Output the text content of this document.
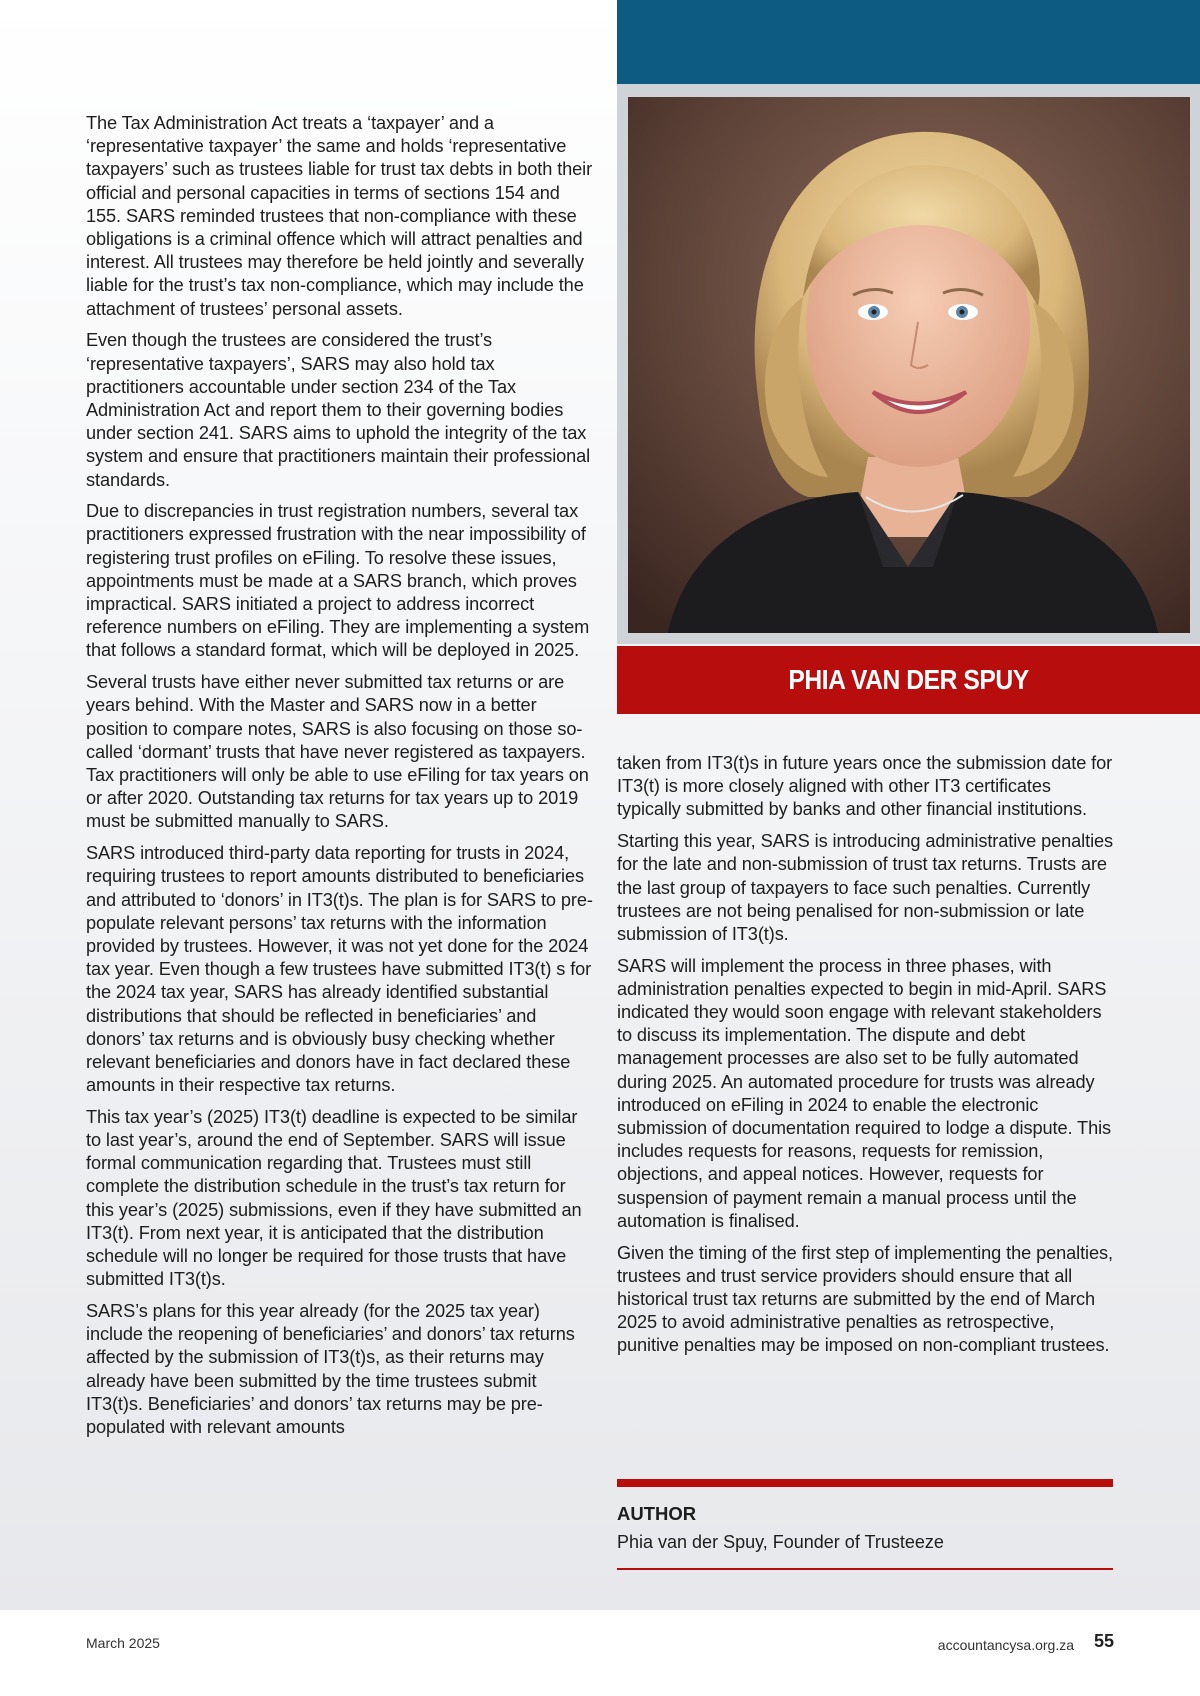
PHIA VAN DER SPUY

The Tax Administration Act treats a ‘taxpayer’ and a ‘representative taxpayer’ the same and holds ‘representative taxpayers’ such as trustees liable for trust tax debts in both their official and personal capacities in terms of sections 154 and 155. SARS reminded trustees that non-compliance with these obligations is a criminal offence which will attract penalties and interest. All trustees may therefore be held jointly and severally liable for the trust’s tax non-compliance, which may include the attachment of trustees’ personal assets.

Even though the trustees are considered the trust’s ‘representative taxpayers’, SARS may also hold tax practitioners accountable under section 234 of the Tax Administration Act and report them to their governing bodies under section 241. SARS aims to uphold the integrity of the tax system and ensure that practitioners maintain their professional standards.

Due to discrepancies in trust registration numbers, several tax practitioners expressed frustration with the near impossibility of registering trust profiles on eFiling. To resolve these issues, appointments must be made at a SARS branch, which proves impractical. SARS initiated a project to address incorrect reference numbers on eFiling. They are implementing a system that follows a standard format, which will be deployed in 2025.

Several trusts have either never submitted tax returns or are years behind. With the Master and SARS now in a better position to compare notes, SARS is also focusing on those so-called ‘dormant’ trusts that have never registered as taxpayers. Tax practitioners will only be able to use eFiling for tax years on or after 2020. Outstanding tax returns for tax years up to 2019 must be submitted manually to SARS.

SARS introduced third-party data reporting for trusts in 2024, requiring trustees to report amounts distributed to beneficiaries and attributed to ‘donors’ in IT3(t)s. The plan is for SARS to pre-populate relevant persons’ tax returns with the information provided by trustees. However, it was not yet done for the 2024 tax year. Even though a few trustees have submitted IT3(t) s for the 2024 tax year, SARS has already identified substantial distributions that should be reflected in beneficiaries’ and donors’ tax returns and is obviously busy checking whether relevant beneficiaries and donors have in fact declared these amounts in their respective tax returns.

This tax year’s (2025) IT3(t) deadline is expected to be similar to last year’s, around the end of September. SARS will issue formal communication regarding that. Trustees must still complete the distribution schedule in the trust’s tax return for this year’s (2025) submissions, even if they have submitted an IT3(t). From next year, it is anticipated that the distribution schedule will no longer be required for those trusts that have submitted IT3(t)s.

SARS’s plans for this year already (for the 2025 tax year) include the reopening of beneficiaries’ and donors’ tax returns affected by the submission of IT3(t)s, as their returns may already have been submitted by the time trustees submit IT3(t)s. Beneficiaries’ and donors’ tax returns may be pre-populated with relevant amounts

taken from IT3(t)s in future years once the submission date for IT3(t) is more closely aligned with other IT3 certificates typically submitted by banks and other financial institutions.

Starting this year, SARS is introducing administrative penalties for the late and non-submission of trust tax returns. Trusts are the last group of taxpayers to face such penalties. Currently trustees are not being penalised for non-submission or late submission of IT3(t)s.

SARS will implement the process in three phases, with administration penalties expected to begin in mid-April. SARS indicated they would soon engage with relevant stakeholders to discuss its implementation. The dispute and debt management processes are also set to be fully automated during 2025. An automated procedure for trusts was already introduced on eFiling in 2024 to enable the electronic submission of documentation required to lodge a dispute. This includes requests for reasons, requests for remission, objections, and appeal notices. However, requests for suspension of payment remain a manual process until the automation is finalised.

Given the timing of the first step of implementing the penalties, trustees and trust service providers should ensure that all historical trust tax returns are submitted by the end of March 2025 to avoid administrative penalties as retrospective, punitive penalties may be imposed on non-compliant trustees.

AUTHOR
Phia van der Spuy, Founder of Trusteeze
March 2025	accountancysa.org.za 55
